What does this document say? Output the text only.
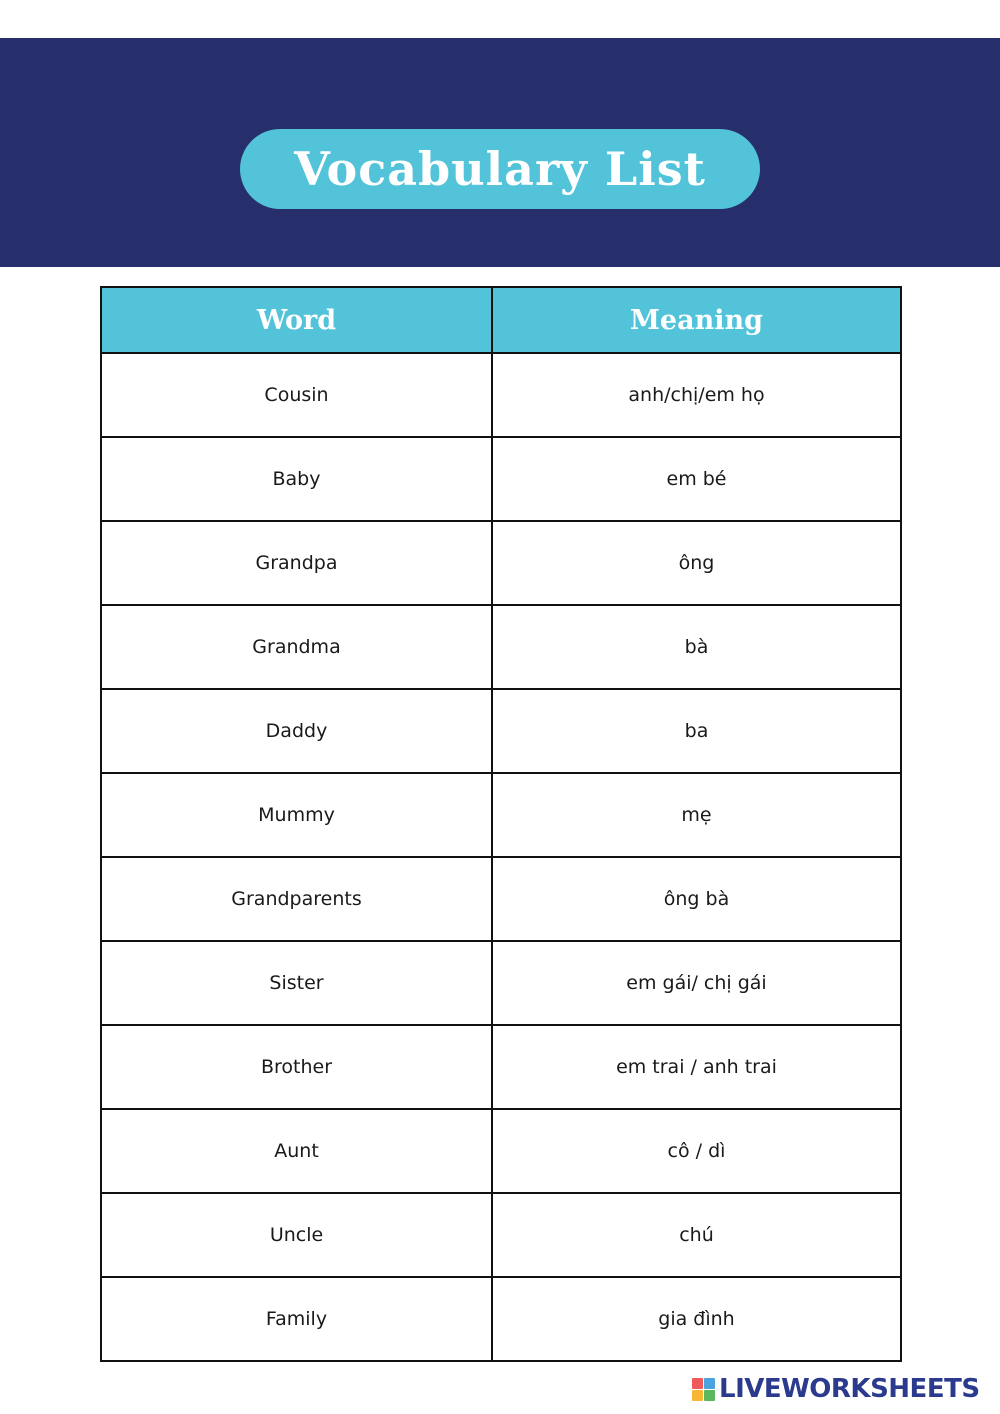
Vocabulary List
Word	Meaning
Cousin	anh/chị/em họ
Baby	em bé
Grandpa	ông
Grandma	bà
Daddy	ba
Mummy	mẹ
Grandparents	ông bà
Sister	em gái/ chị gái
Brother	em trai / anh trai
Aunt	cô / dì
Uncle	chú
Family	gia đình
LIVEWORKSHEETS
